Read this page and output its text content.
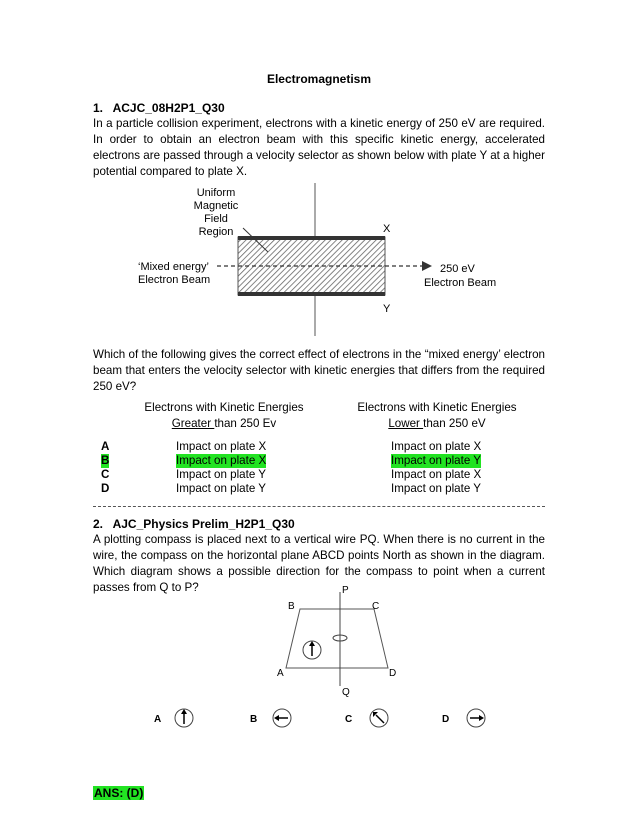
Electromagnetism
1. ACJC_08H2P1_Q30
In a particle collision experiment, electrons with a kinetic energy of 250 eV are required.
In order to obtain an electron beam with this specific kinetic energy, accelerated
electrons are passed through a velocity selector as shown below with plate Y at a higher
potential compared to plate X.
Uniform
Magnetic
Field
Region	X
Y
‘Mixed energy’
Electron Beam
250 eV
Electron Beam
Which of the following gives the correct effect of electrons in the “mixed energy’ electron
beam that enters the velocity selector with kinetic energies that differs from the required
250 eV?
Electrons with Kinetic Energies
Greater than 250 Ev
Electrons with Kinetic Energies
Lower than 250 eV
A	Impact on plate X	Impact on plate X
B	Impact on plate X	Impact on plate Y
C	Impact on plate Y	Impact on plate X
D	Impact on plate Y	Impact on plate Y
2. AJC_Physics Prelim_H2P1_Q30
A plotting compass is placed next to a vertical wire PQ. When there is no current in the
wire, the compass on the horizontal plane ABCD points North as shown in the diagram.
Which diagram shows a possible direction for the compass to point when a current
passes from Q to P?	P
Q
A
B	C
D
A	B	C	D
ANS: (D)
